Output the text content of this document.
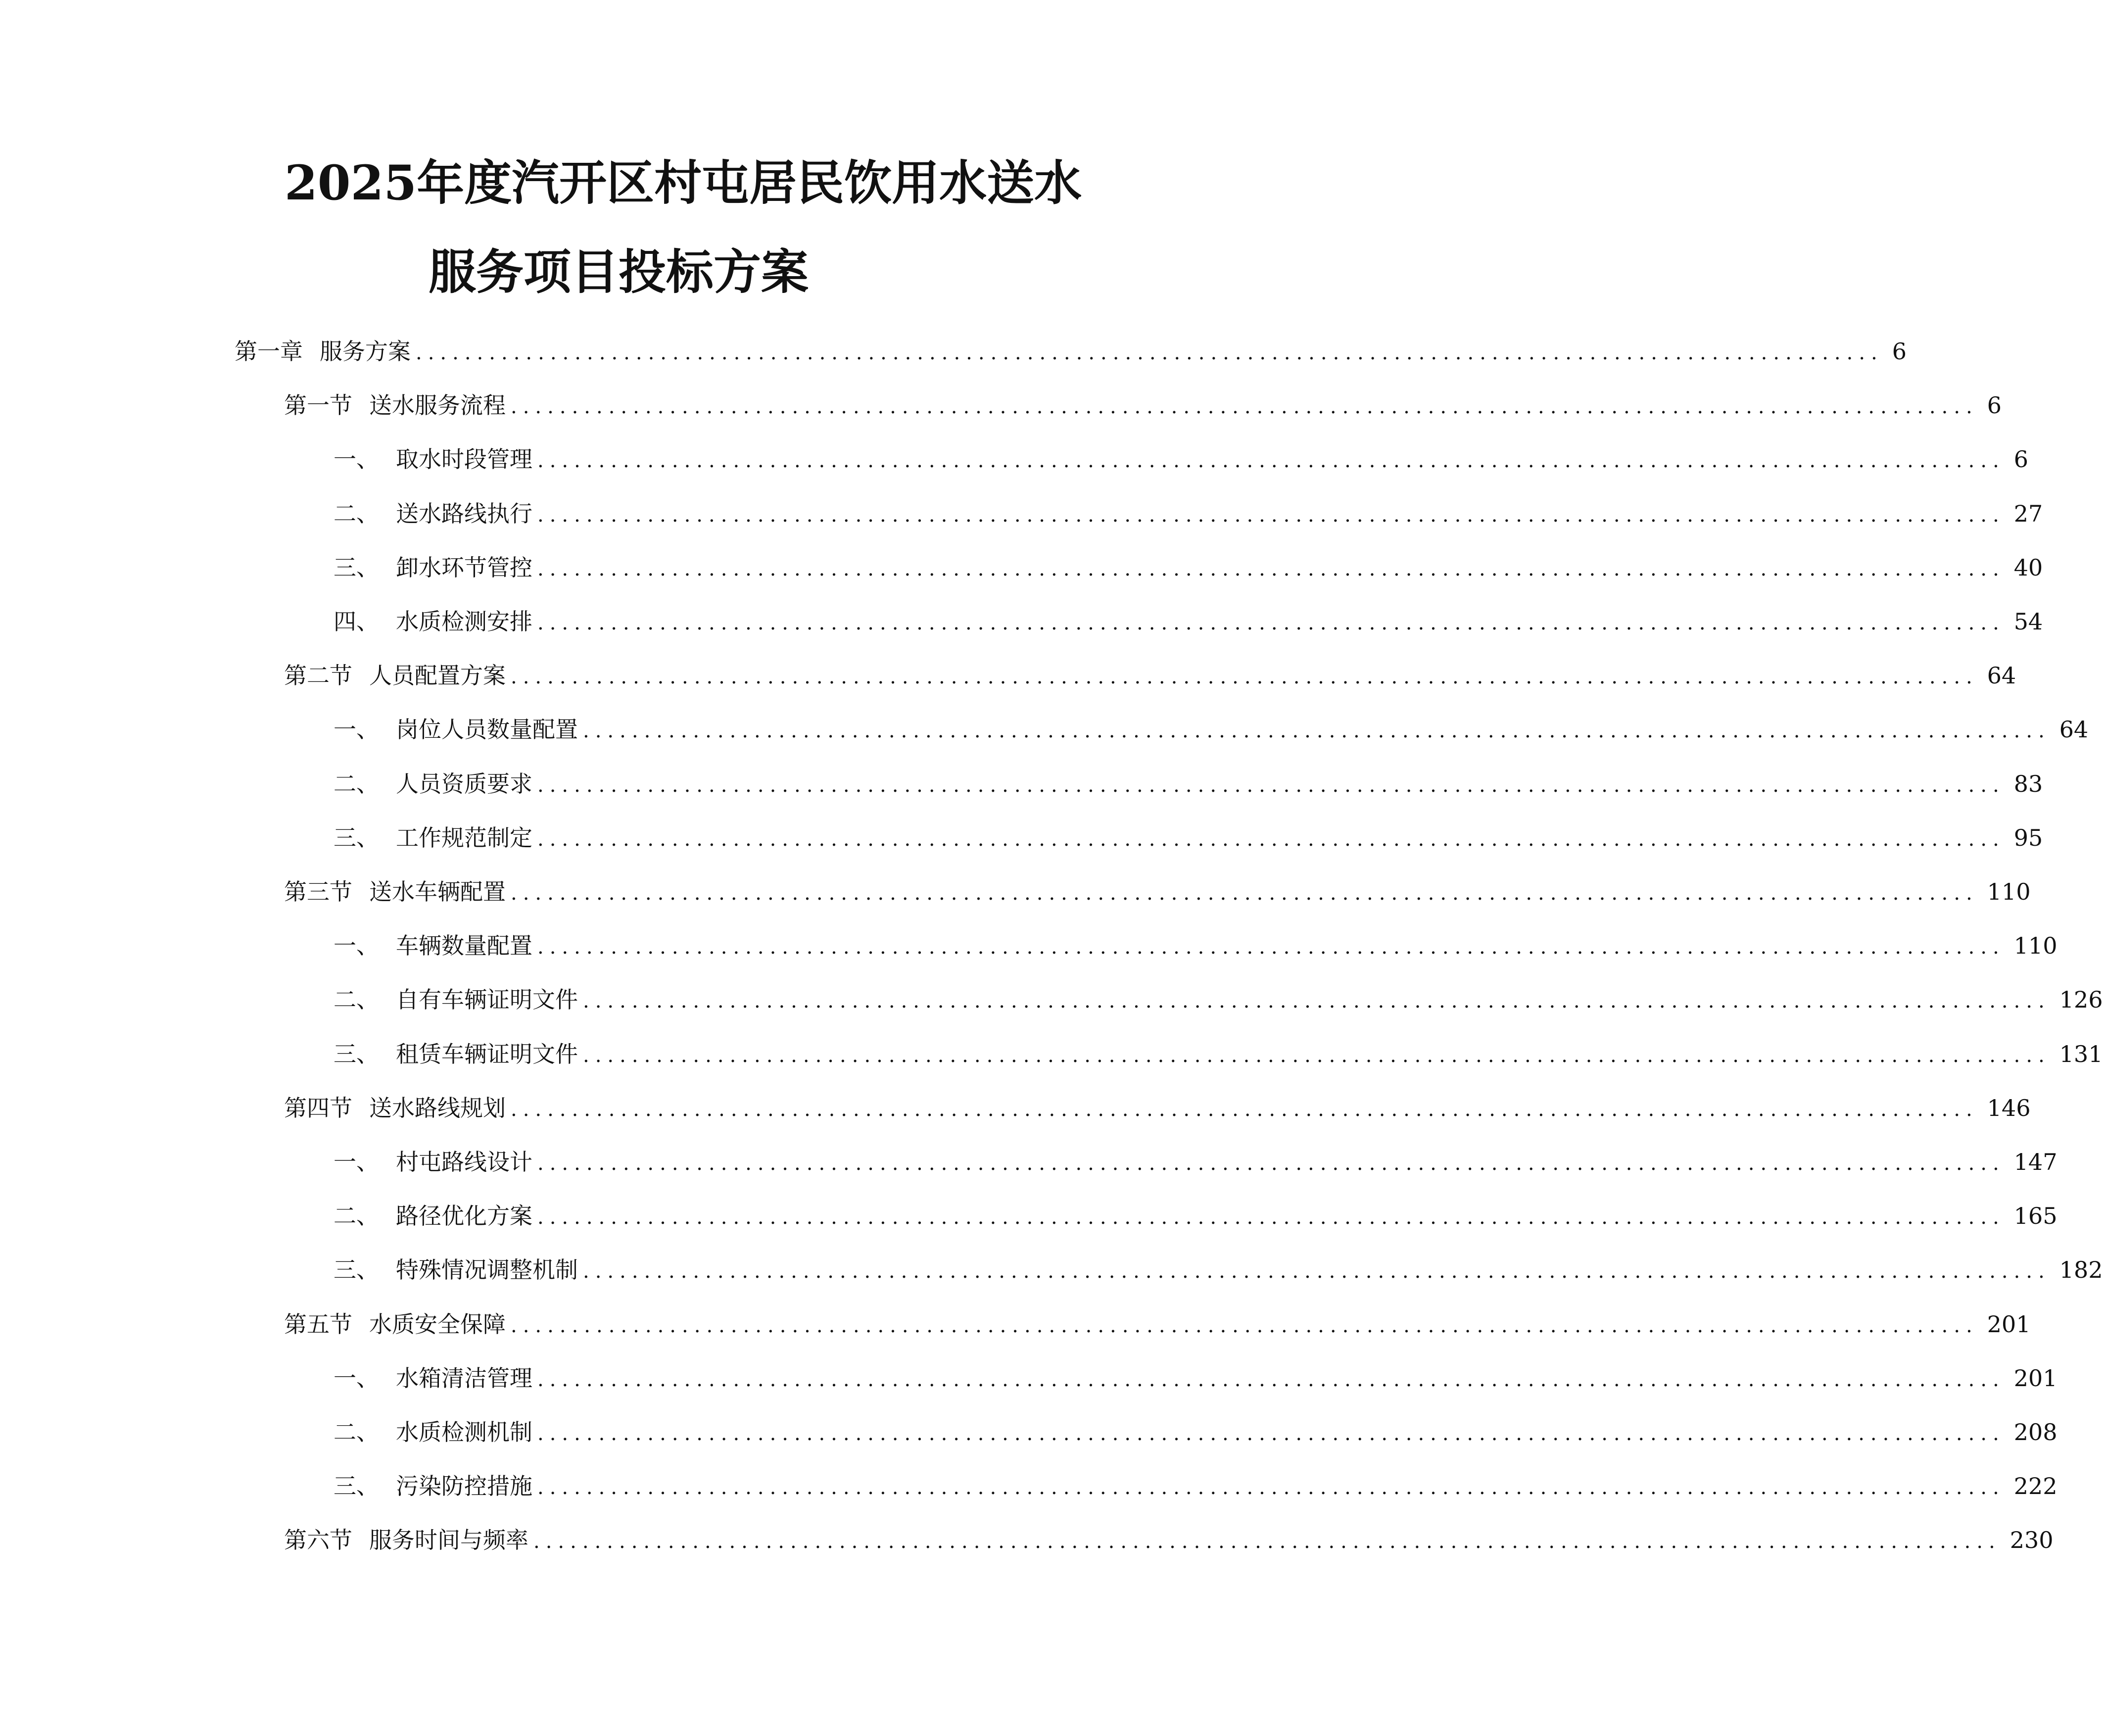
2025年度汽开区村屯居民饮用水送水
服务项目投标方案
第一章 服务方案 ........................................................................................................................ 6
第一节 送水服务流程 ........................................................................................................................ 6
一、 取水时段管理 ........................................................................................................................ 6
二、 送水路线执行 ........................................................................................................................ 27
三、 卸水环节管控 ........................................................................................................................ 40
四、 水质检测安排 ........................................................................................................................ 54
第二节 人员配置方案 ........................................................................................................................ 64
一、 岗位人员数量配置 ........................................................................................................................ 64
二、 人员资质要求 ........................................................................................................................ 83
三、 工作规范制定 ........................................................................................................................ 95
第三节 送水车辆配置 ........................................................................................................................ 110
一、 车辆数量配置 ........................................................................................................................ 110
二、 自有车辆证明文件 ........................................................................................................................ 126
三、 租赁车辆证明文件 ........................................................................................................................ 131
第四节 送水路线规划 ........................................................................................................................ 146
一、 村屯路线设计 ........................................................................................................................ 147
二、 路径优化方案 ........................................................................................................................ 165
三、 特殊情况调整机制 ........................................................................................................................ 182
第五节 水质安全保障 ........................................................................................................................ 201
一、 水箱清洁管理 ........................................................................................................................ 201
二、 水质检测机制 ........................................................................................................................ 208
三、 污染防控措施 ........................................................................................................................ 222
第六节 服务时间与频率 ........................................................................................................................ 230
